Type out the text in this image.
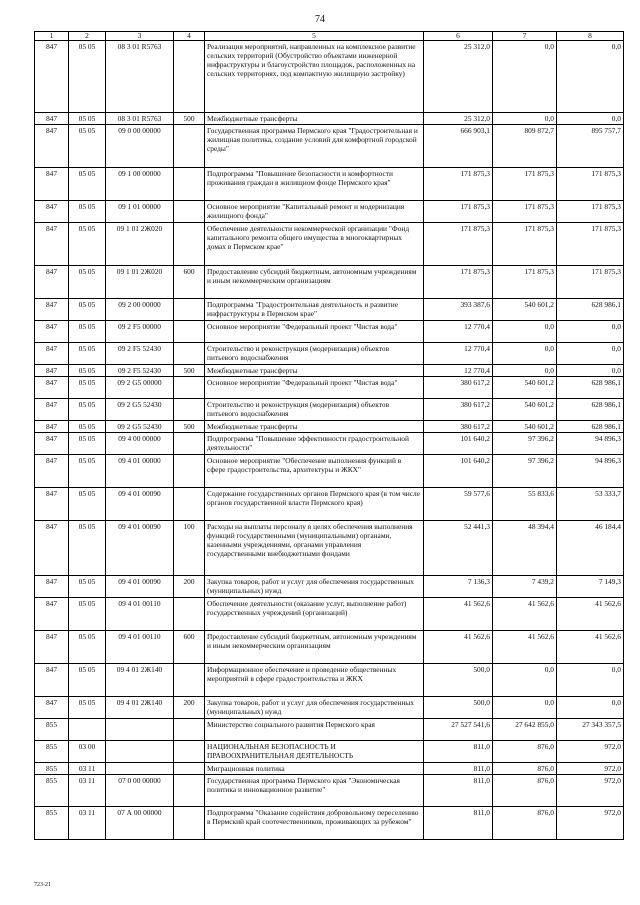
74
1	2	3	4	5	6	7	8
847	05 05	08 3 01 R5763		Реализация мероприятий, направленных на комплексное развитие сельских территорий (Обустройство объектами инженерной инфраструктуры и благоустройство площадок, расположенных на сельских территориях, под компактную жилищную застройку)	25 312,0	0,0	0,0
847	05 05	08 3 01 R5763	500	Межбюджетные трансферты	25 312,0	0,0	0,0
847	05 05	09 0 00 00000		Государственная программа Пермского края "Градостроительная и жилищная политика, создание условий для комфортной городской среды"	666 903,1	809 872,7	895 757,7
847	05 05	09 1 00 00000		Подпрограмма "Повышение безопасности и комфортности проживания граждан в жилищном фонде Пермского края"	171 875,3	171 875,3	171 875,3
847	05 05	09 1 01 00000		Основное мероприятие "Капитальный ремонт и модернизация жилищного фонда"	171 875,3	171 875,3	171 875,3
847	05 05	09 1 01 2Ж020		Обеспечение деятельности некоммерческой организации "Фонд капитального ремонта общего имущества в многоквартирных домах в Пермском крае"	171 875,3	171 875,3	171 875,3
847	05 05	09 1 01 2Ж020	600	Предоставление субсидий бюджетным, автономным учреждениям и иным некоммерческим организациям	171 875,3	171 875,3	171 875,3
847	05 05	09 2 00 00000		Подпрограмма "Градостроительная деятельность и развитие инфраструктуры в Пермском крае"	393 387,6	540 601,2	628 986,1
847	05 05	09 2 F5 00000		Основное мероприятие "Федеральный проект "Чистая вода"	12 770,4	0,0	0,0
847	05 05	09 2 F5 52430		Строительство и реконструкция (модернизация) объектов питьевого водоснабжения	12 770,4	0,0	0,0
847	05 05	09 2 F5 52430	500	Межбюджетные трансферты	12 770,4	0,0	0,0
847	05 05	09 2 G5 00000		Основное мероприятие "Федеральный проект "Чистая вода"	380 617,2	540 601,2	628 986,1
847	05 05	09 2 G5 52430		Строительство и реконструкция (модернизация) объектов питьевого водоснабжения	380 617,2	540 601,2	628 986,1
847	05 05	09 2 G5 52430	500	Межбюджетные трансферты	380 617,2	540 601,2	628 986,1
847	05 05	09 4 00 00000		Подпрограмма "Повышение эффективности градостроительной деятельности"	101 640,2	97 396,2	94 896,3
847	05 05	09 4 01 00000		Основное мероприятие "Обеспечение выполнения функций в сфере градостроительства, архитектуры и ЖКХ"	101 640,2	97 396,2	94 896,3
847	05 05	09 4 01 00090		Содержание государственных органов Пермского края (в том числе органов государственной власти Пермского края)	59 577,6	55 833,6	53 333,7
847	05 05	09 4 01 00090	100	Расходы на выплаты персоналу в целях обеспечения выполнения функций государственными (муниципальными) органами, казенными учреждениями, органами управления государственными внебюджетными фондами	52 441,3	48 394,4	46 184,4
847	05 05	09 4 01 00090	200	Закупка товаров, работ и услуг для обеспечения государственных (муниципальных) нужд	7 136,3	7 439,2	7 149,3
847	05 05	09 4 01 00110		Обеспечение деятельности (оказание услуг, выполнение работ) государственных учреждений (организаций)	41 562,6	41 562,6	41 562,6
847	05 05	09 4 01 00110	600	Предоставление субсидий бюджетным, автономным учреждениям и иным некоммерческим организациям	41 562,6	41 562,6	41 562,6
847	05 05	09 4 01 2Ж140		Информационное обеспечение и проведение общественных мероприятий в сфере градостроительства и ЖКХ	500,0	0,0	0,0
847	05 05	09 4 01 2Ж140	200	Закупка товаров, работ и услуг для обеспечения государственных (муниципальных) нужд	500,0	0,0	0,0
855				Министерство социального развития Пермского края	27 527 541,6	27 642 855,0	27 343 357,5
855	03 00			НАЦИОНАЛЬНАЯ БЕЗОПАСНОСТЬ И ПРАВООХРАНИТЕЛЬНАЯ ДЕЯТЕЛЬНОСТЬ	811,0	876,0	972,0
855	03 11			Миграционная политика	811,0	876,0	972,0
855	03 11	07 0 00 00000		Государственная программа Пермского края "Экономическая политика и инновационное развитие"	811,0	876,0	972,0
855	03 11	07 А 00 00000		Подпрограмма "Оказание содействия добровольному переселению в Пермский край соотечественников, проживающих за рубежом"	811,0	876,0	972,0
723-21
